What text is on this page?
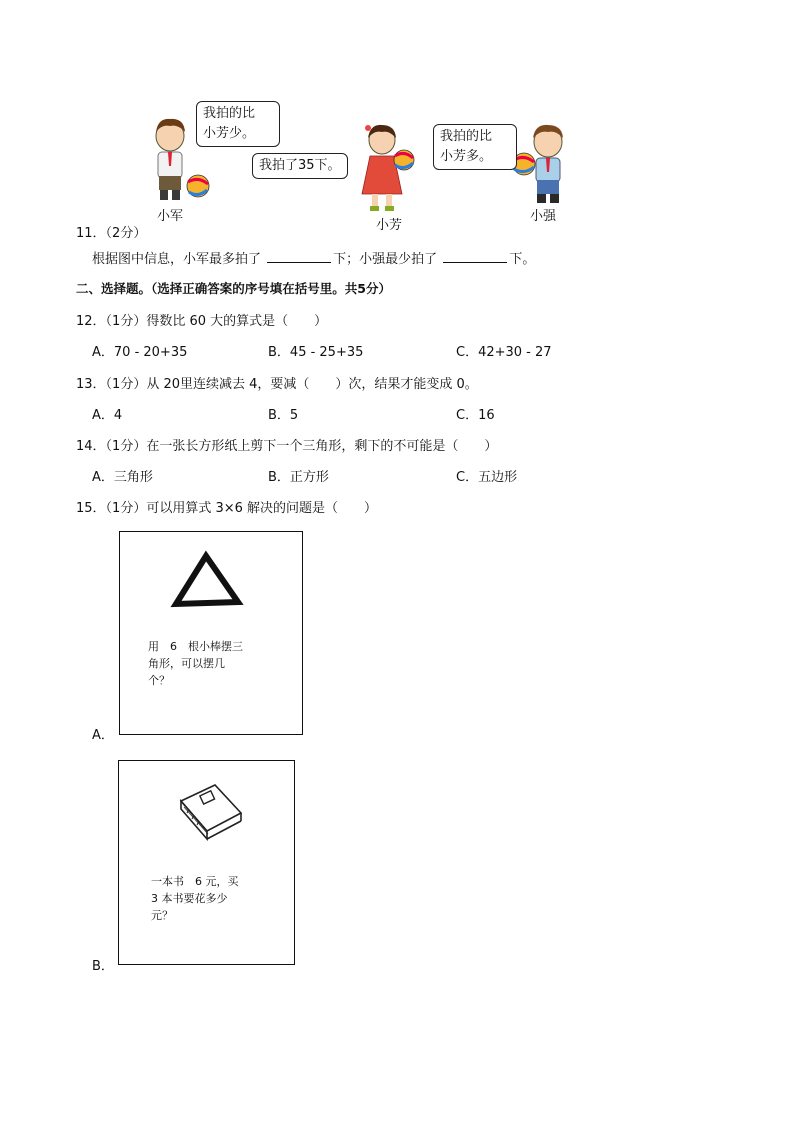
我拍的比
小芳少。
小军
我拍了35下。
小芳
我拍的比
小芳多。
小强
11．（2分）
根据图中信息，小军最多拍了	下；小强最少拍了	下。
二、选择题。（选择正确答案的序号填在括号里。共5分）
12．（1分）得数比 60 大的算式是（　　）
A．70 - 20+35	B．45 - 25+35	C．42+30 - 27
13．（1分）从 20里连续减去 4，要减（　　）次，结果才能变成 0。
A．4	B．5	C．16
14．（1分）在一张长方形纸上剪下一个三角形，剩下的不可能是（　　）
A．三角形	B．正方形	C．五边形
15．（1分）可以用算式 3×6 解决的问题是（　　）
用　6　根小棒摆三
角形，可以摆几
个？
A．
一本书　6 元，买
3 本书要花多少
元？
B．
